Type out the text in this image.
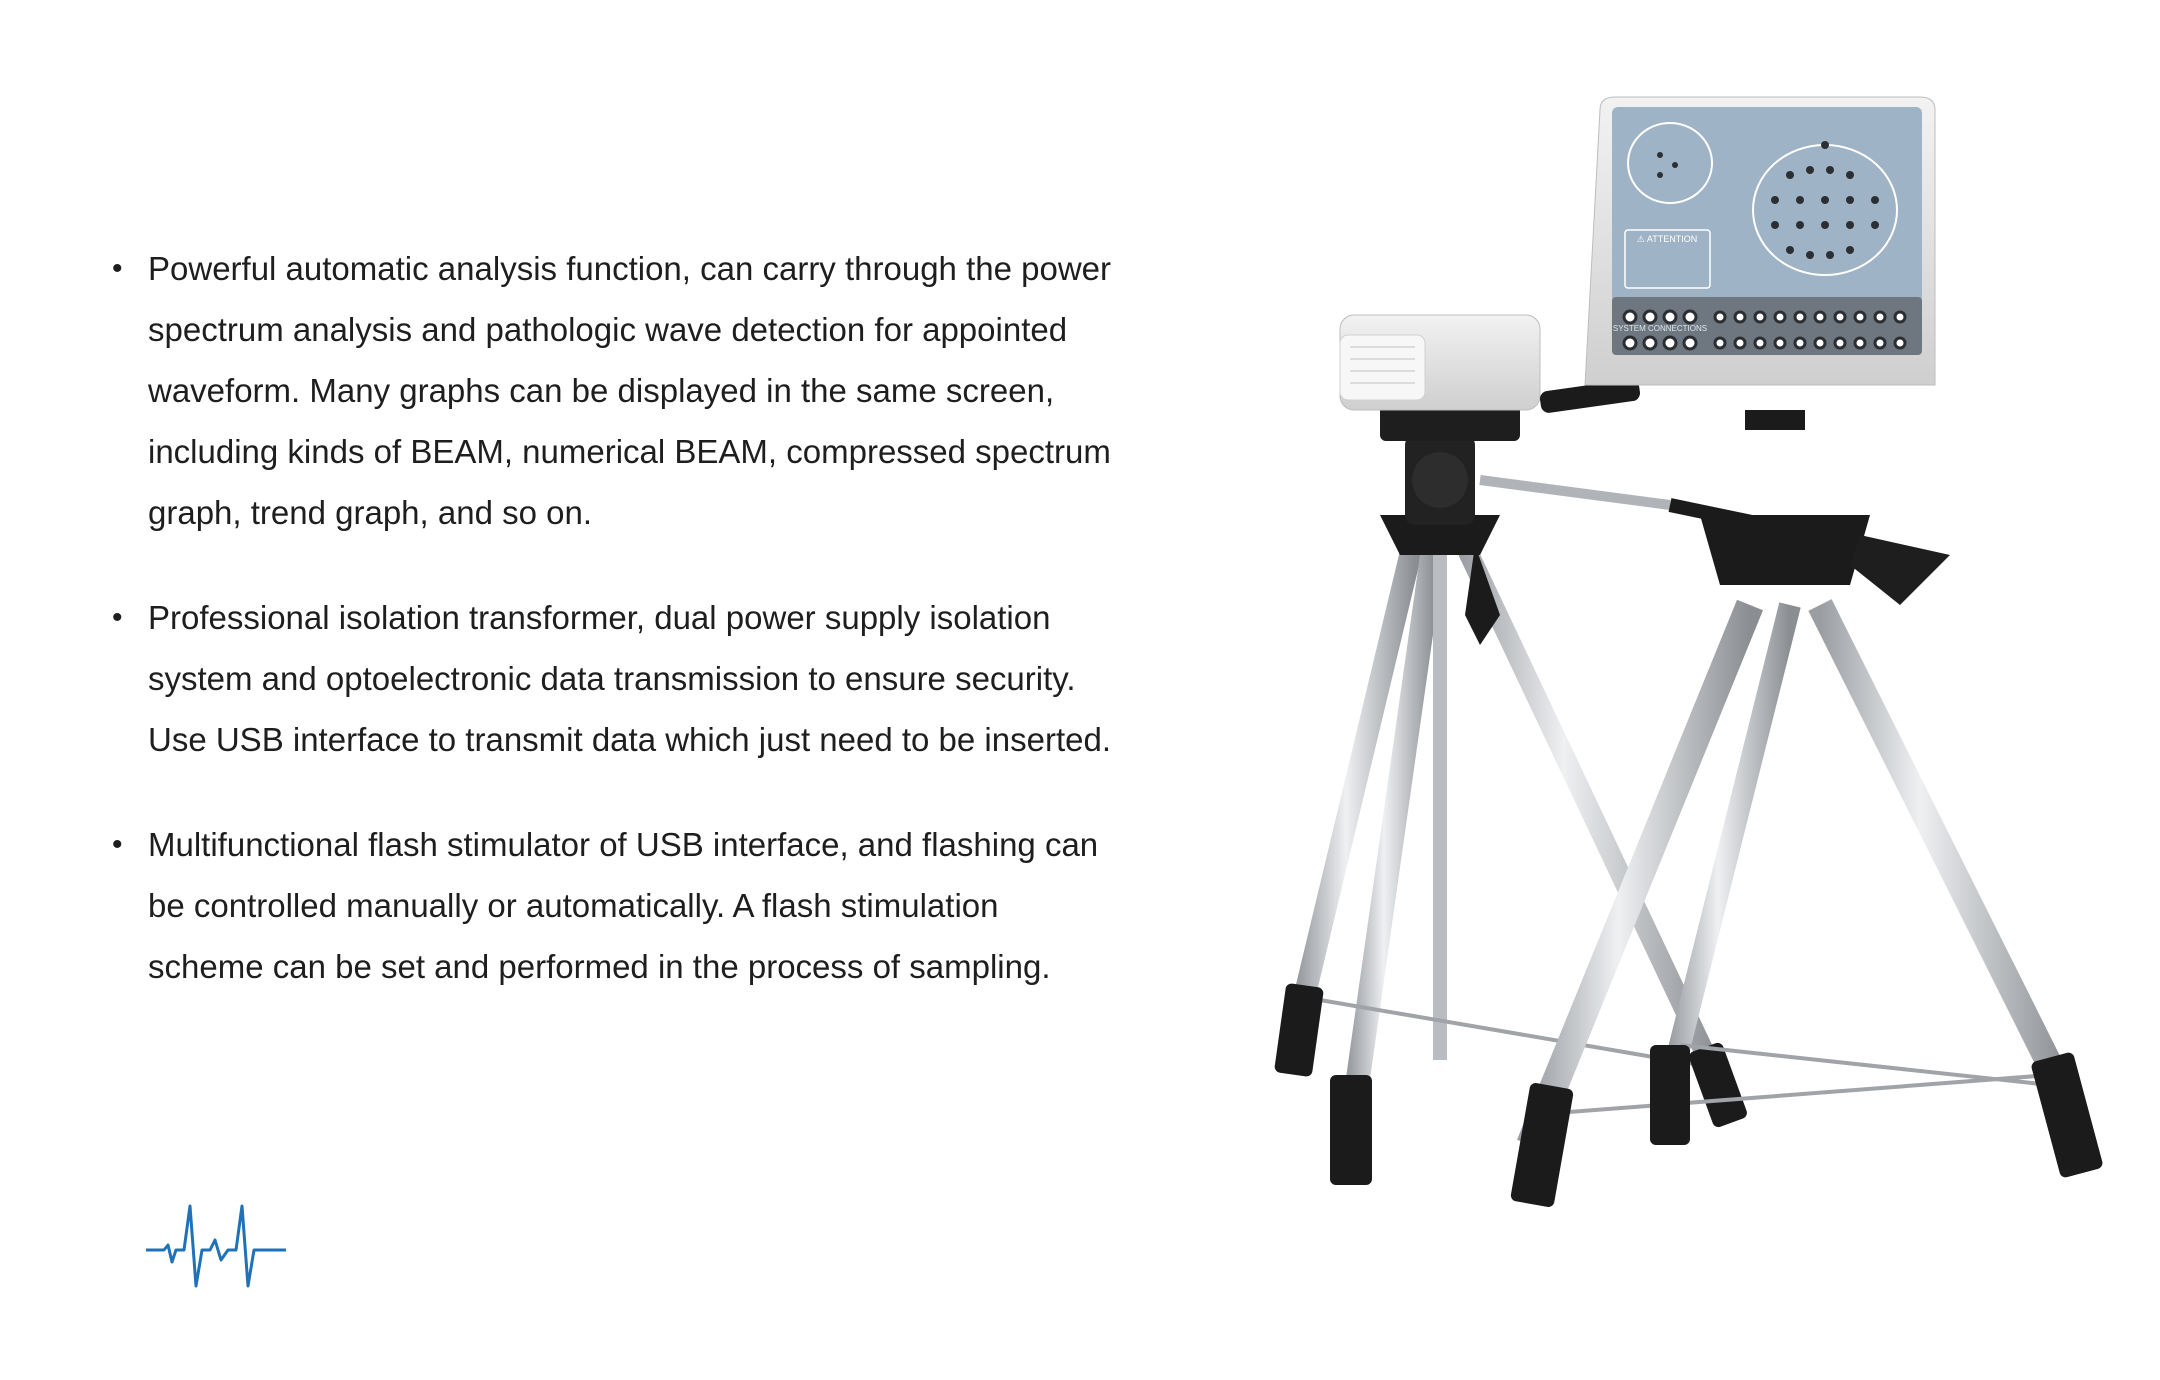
• Powerful automatic analysis function, can carry through the power spectrum analysis and pathologic wave detection for appointed waveform. Many graphs can be displayed in the same screen, including kinds of BEAM, numerical BEAM, compressed spectrum graph, trend graph, and so on.
• Professional isolation transformer, dual power supply isolation system and optoelectronic data transmission to ensure security. Use USB interface to transmit data which just need to be inserted.
• Multifunctional flash stimulator of USB interface, and flashing can be controlled manually or automatically. A flash stimulation scheme can be set and performed in the process of sampling.
⚠ ATTENTION
SYSTEM CONNECTIONS
